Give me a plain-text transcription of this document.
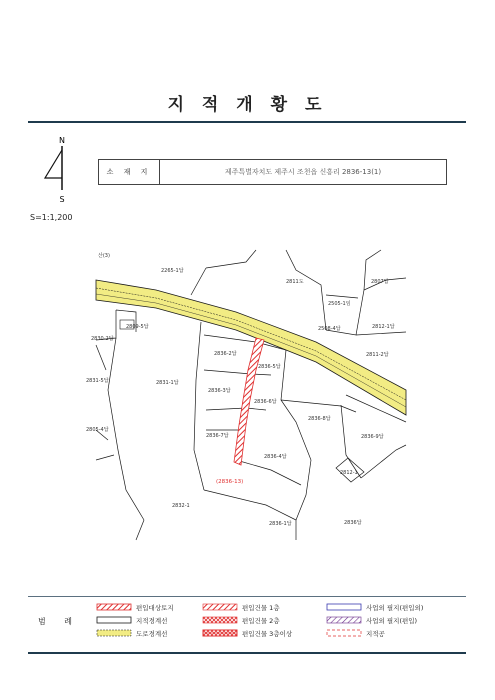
지 적 개 황 도
N
S
S=1:1,200
소 재 지	제주특별자치도 제주시 조천읍 신흥리 2836-13(1)
산(3)
2265-1답
2811도	2807답
2505-1임
2508-4답	2812-1답
2830-2답
2836-2답
2836-5답
2836-3답
2831-1답
2831-5답
2836-6답
2836-8답
2805-4답
2836-7답	2836-9답
2811-2답
2812-1
2836-4답
2836-1답	2836답
2832-1
2809-5답
(2836-13)
범 례
편입대상토지
지적경계선
도로경계선
편입건물 1층
편입건물 2층
편입건물 3층이상
사업외 필지(편입외)
사업외 필지(편입)
지적공
